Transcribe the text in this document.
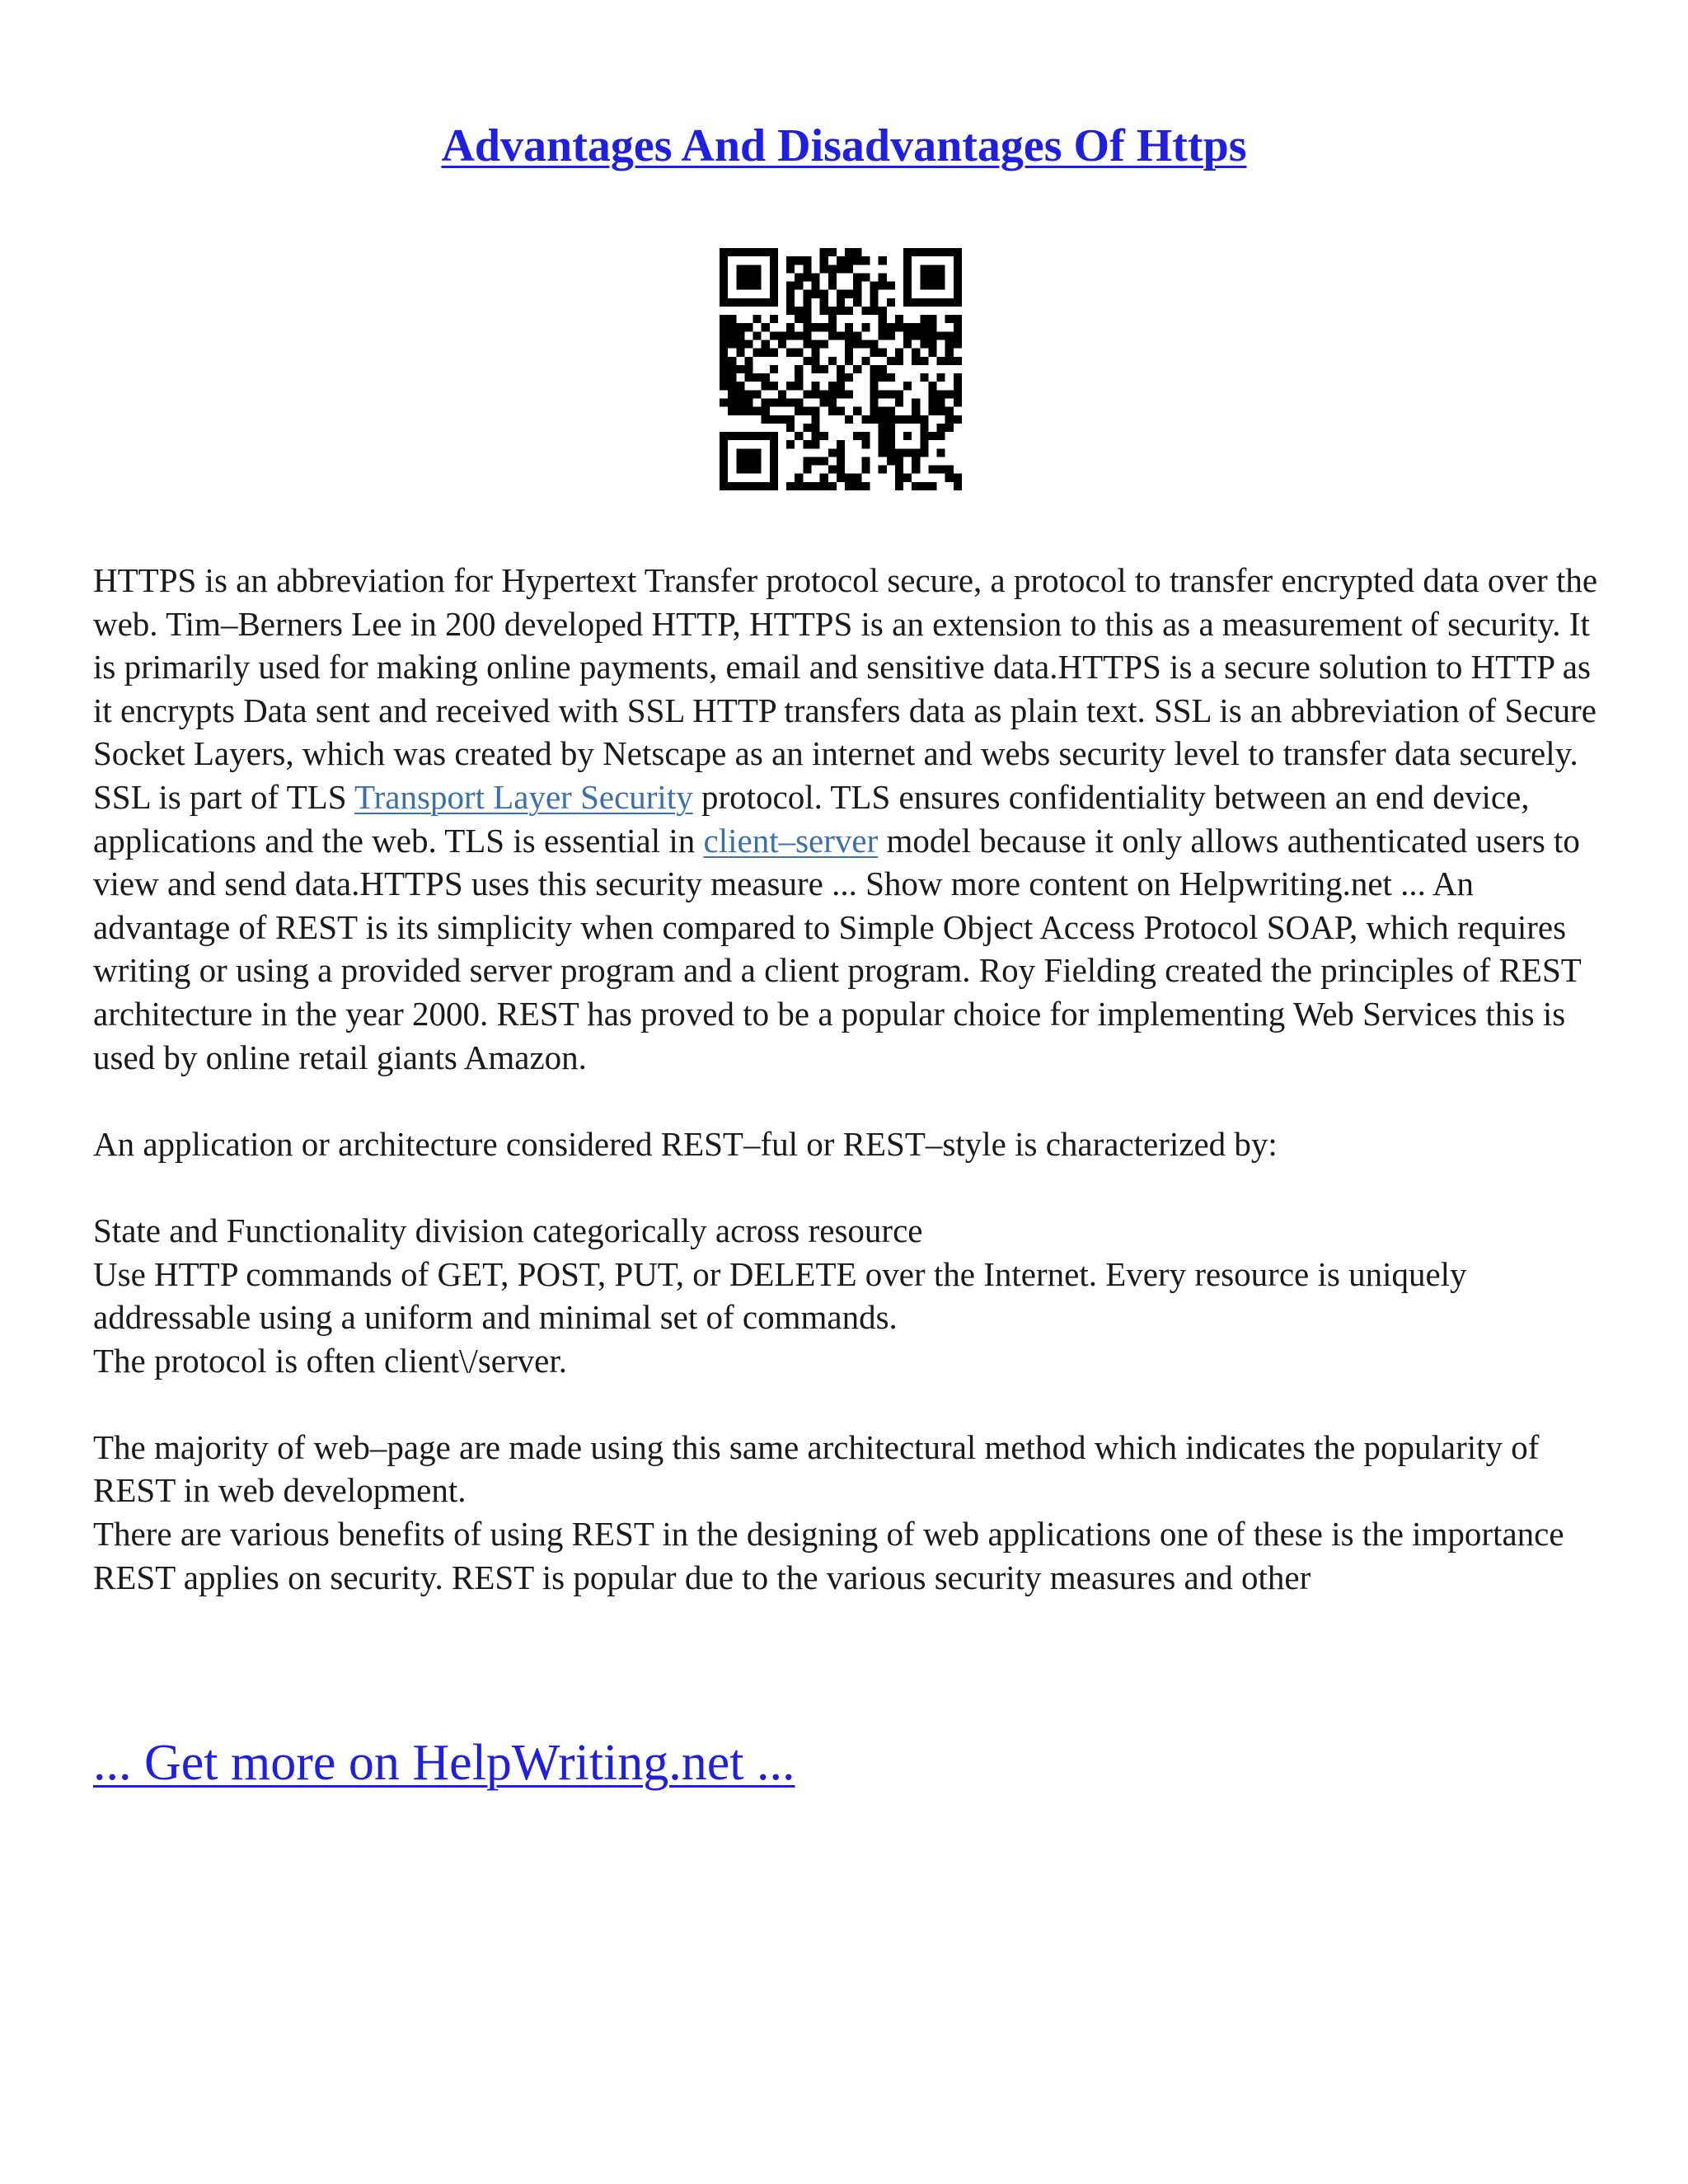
Advantages And Disadvantages Of Https

HTTPS is an abbreviation for Hypertext Transfer protocol secure, a protocol to transfer encrypted data over the web. Tim–Berners Lee in 200 developed HTTP, HTTPS is an extension to this as a measurement of security. It is primarily used for making online payments, email and sensitive data.HTTPS is a secure solution to HTTP as it encrypts Data sent and received with SSL HTTP transfers data as plain text. SSL is an abbreviation of Secure Socket Layers, which was created by Netscape as an internet and webs security level to transfer data securely. SSL is part of TLS Transport Layer Security protocol. TLS ensures confidentiality between an end device, applications and the web. TLS is essential in client–server model because it only allows authenticated users to view and send data.HTTPS uses this security measure ... Show more content on Helpwriting.net ... An advantage of REST is its simplicity when compared to Simple Object Access Protocol SOAP, which requires writing or using a provided server program and a client program. Roy Fielding created the principles of REST architecture in the year 2000. REST has proved to be a popular choice for implementing Web Services this is used by online retail giants Amazon.

An application or architecture considered REST–ful or REST–style is characterized by:

State and Functionality division categorically across resource
Use HTTP commands of GET, POST, PUT, or DELETE over the Internet. Every resource is uniquely addressable using a uniform and minimal set of commands.
The protocol is often client\/server.

The majority of web–page are made using this same architectural method which indicates the popularity of REST in web development.

There are various benefits of using REST in the designing of web applications one of these is the importance REST applies on security. REST is popular due to the various security measures and other

... Get more on HelpWriting.net ...
